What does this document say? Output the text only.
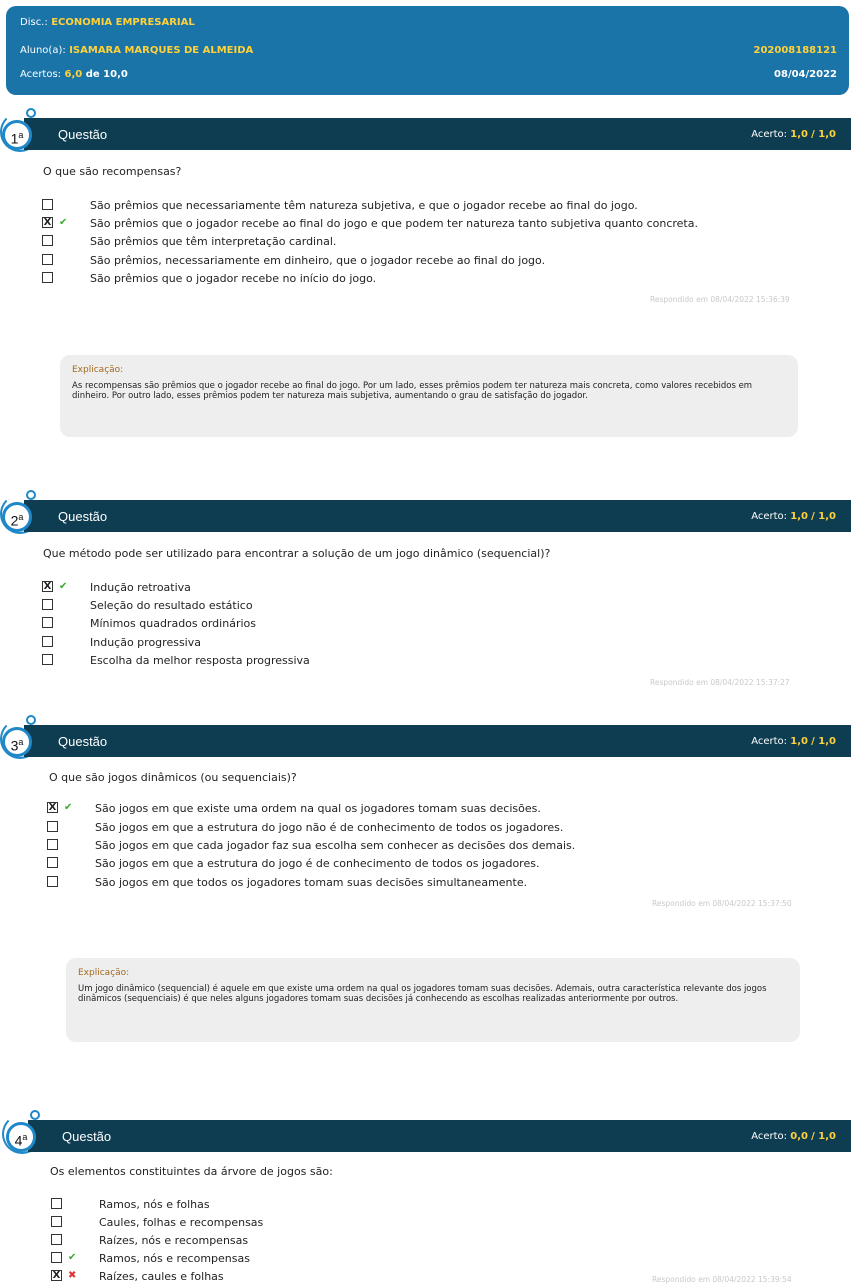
Disc.: ECONOMIA EMPRESARIAL
Aluno(a): ISAMARA MARQUES DE ALMEIDA	202008188121
Acertos: 6,0 de 10,0	08/04/2022
Questão	Acerto: 1,0 / 1,0
1$^a$
O que são recompensas?
São prêmios que necessariamente têm natureza subjetiva, e que o jogador recebe ao final do jogo.
X ✔ São prêmios que o jogador recebe ao final do jogo e que podem ter natureza tanto subjetiva quanto concreta.
São prêmios que têm interpretação cardinal.
São prêmios, necessariamente em dinheiro, que o jogador recebe ao final do jogo.
São prêmios que o jogador recebe no início do jogo.
Respondido em 08/04/2022 15:36:39
Explicação:
As recompensas são prêmios que o jogador recebe ao final do jogo. Por um lado, esses prêmios podem ter natureza mais concreta, como valores recebidos em dinheiro. Por outro lado, esses prêmios podem ter natureza mais subjetiva, aumentando o grau de satisfação do jogador.
Questão	Acerto: 1,0 / 1,0
2$^a$
Que método pode ser utilizado para encontrar a solução de um jogo dinâmico (sequencial)?
X ✔ Indução retroativa
Seleção do resultado estático
Mínimos quadrados ordinários
Indução progressiva
Escolha da melhor resposta progressiva
Respondido em 08/04/2022 15:37:27
Questão	Acerto: 1,0 / 1,0
3$^a$
O que são jogos dinâmicos (ou sequenciais)?
X ✔ São jogos em que existe uma ordem na qual os jogadores tomam suas decisões.
São jogos em que a estrutura do jogo não é de conhecimento de todos os jogadores.
São jogos em que cada jogador faz sua escolha sem conhecer as decisões dos demais.
São jogos em que a estrutura do jogo é de conhecimento de todos os jogadores.
São jogos em que todos os jogadores tomam suas decisões simultaneamente.
Respondido em 08/04/2022 15:37:50
Explicação:
Um jogo dinâmico (sequencial) é aquele em que existe uma ordem na qual os jogadores tomam suas decisões. Ademais, outra característica relevante dos jogos dinâmicos (sequenciais) é que neles alguns jogadores tomam suas decisões já conhecendo as escolhas realizadas anteriormente por outros.
Questão	Acerto: 0,0 / 1,0
4$^a$
Os elementos constituintes da árvore de jogos são:
Ramos, nós e folhas
Caules, folhas e recompensas
Raízes, nós e recompensas
✔ Ramos, nós e recompensas
X ✖ Raízes, caules e folhas	Respondido em 08/04/2022 15:39:54
